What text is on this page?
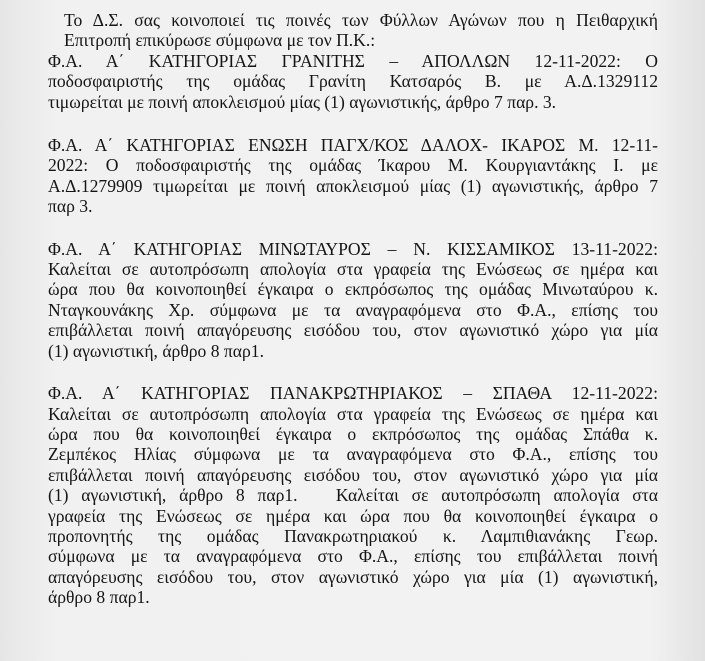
Το Δ.Σ. σας κοινοποιεί τις ποινές των Φύλλων Αγώνων που η Πειθαρχική
Επιτροπή επικύρωσε σύμφωνα με τον Π.Κ.:
Φ.Α. Α΄ ΚΑΤΗΓΟΡΙΑΣ ΓΡΑΝΙΤΗΣ – ΑΠΟΛΛΩΝ 12-11-2022: Ο
ποδοσφαιριστής της ομάδας Γρανίτη Κατσαρός Β. με Α.Δ.1329112
τιμωρείται με ποινή αποκλεισμού μίας (1) αγωνιστικής, άρθρο 7 παρ. 3.
Φ.Α. Α΄ ΚΑΤΗΓΟΡΙΑΣ ΕΝΩΣΗ ΠΑΓΧ/ΚΟΣ ΔΑΛΟΧ- ΙΚΑΡΟΣ Μ. 12-11-
2022: Ο ποδοσφαιριστής της ομάδας Ίκαρου Μ. Κουργιαντάκης Ι. με
Α.Δ.1279909 τιμωρείται με ποινή αποκλεισμού μίας (1) αγωνιστικής, άρθρο 7
παρ 3.
Φ.Α. Α΄ ΚΑΤΗΓΟΡΙΑΣ ΜΙΝΩΤΑΥΡΟΣ – Ν. ΚΙΣΣΑΜΙΚΟΣ 13-11-2022:
Καλείται σε αυτοπρόσωπη απολογία στα γραφεία της Ενώσεως σε ημέρα και
ώρα που θα κοινοποιηθεί έγκαιρα ο εκπρόσωπος της ομάδας Μινωταύρου κ.
Νταγκουνάκης Χρ. σύμφωνα με τα αναγραφόμενα στο Φ.Α., επίσης του
επιβάλλεται ποινή απαγόρευσης εισόδου του, στον αγωνιστικό χώρο για μία
(1) αγωνιστική, άρθρο 8 παρ1.
Φ.Α. Α΄ ΚΑΤΗΓΟΡΙΑΣ ΠΑΝΑΚΡΩΤΗΡΙΑΚΟΣ – ΣΠΑΘΑ 12-11-2022:
Καλείται σε αυτοπρόσωπη απολογία στα γραφεία της Ενώσεως σε ημέρα και
ώρα που θα κοινοποιηθεί έγκαιρα ο εκπρόσωπος της ομάδας Σπάθα κ.
Ζεμπέκος Ηλίας σύμφωνα με τα αναγραφόμενα στο Φ.Α., επίσης του
επιβάλλεται ποινή απαγόρευσης εισόδου του, στον αγωνιστικό χώρο για μία
(1) αγωνιστική, άρθρο 8 παρ1.   Καλείται σε αυτοπρόσωπη απολογία στα
γραφεία της Ενώσεως σε ημέρα και ώρα που θα κοινοποιηθεί έγκαιρα ο
προπονητής της ομάδας Πανακρωτηριακού κ. Λαμπιθιανάκης Γεωρ.
σύμφωνα με τα αναγραφόμενα στο Φ.Α., επίσης του επιβάλλεται ποινή
απαγόρευσης εισόδου του, στον αγωνιστικό χώρο για μία (1) αγωνιστική,
άρθρο 8 παρ1.
